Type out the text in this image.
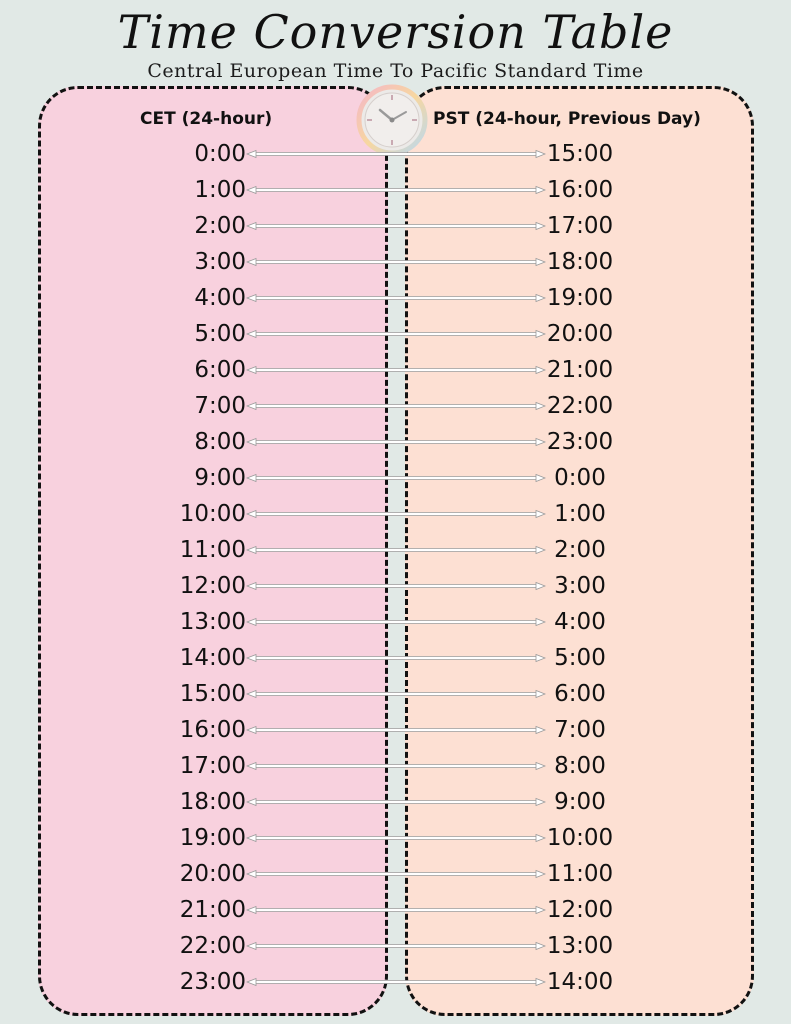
Time Conversion Table
Central European Time To Pacific Standard Time
CET (24-hour)	PST (24-hour, Previous Day)
0:00	15:00
1:00	16:00
2:00	17:00
3:00	18:00
4:00	19:00
5:00	20:00
6:00	21:00
7:00	22:00
8:00	23:00
9:00	0:00
10:00	1:00
11:00	2:00
12:00	3:00
13:00	4:00
14:00	5:00
15:00	6:00
16:00	7:00
17:00	8:00
18:00	9:00
19:00	10:00
20:00	11:00
21:00	12:00
22:00	13:00
23:00	14:00
